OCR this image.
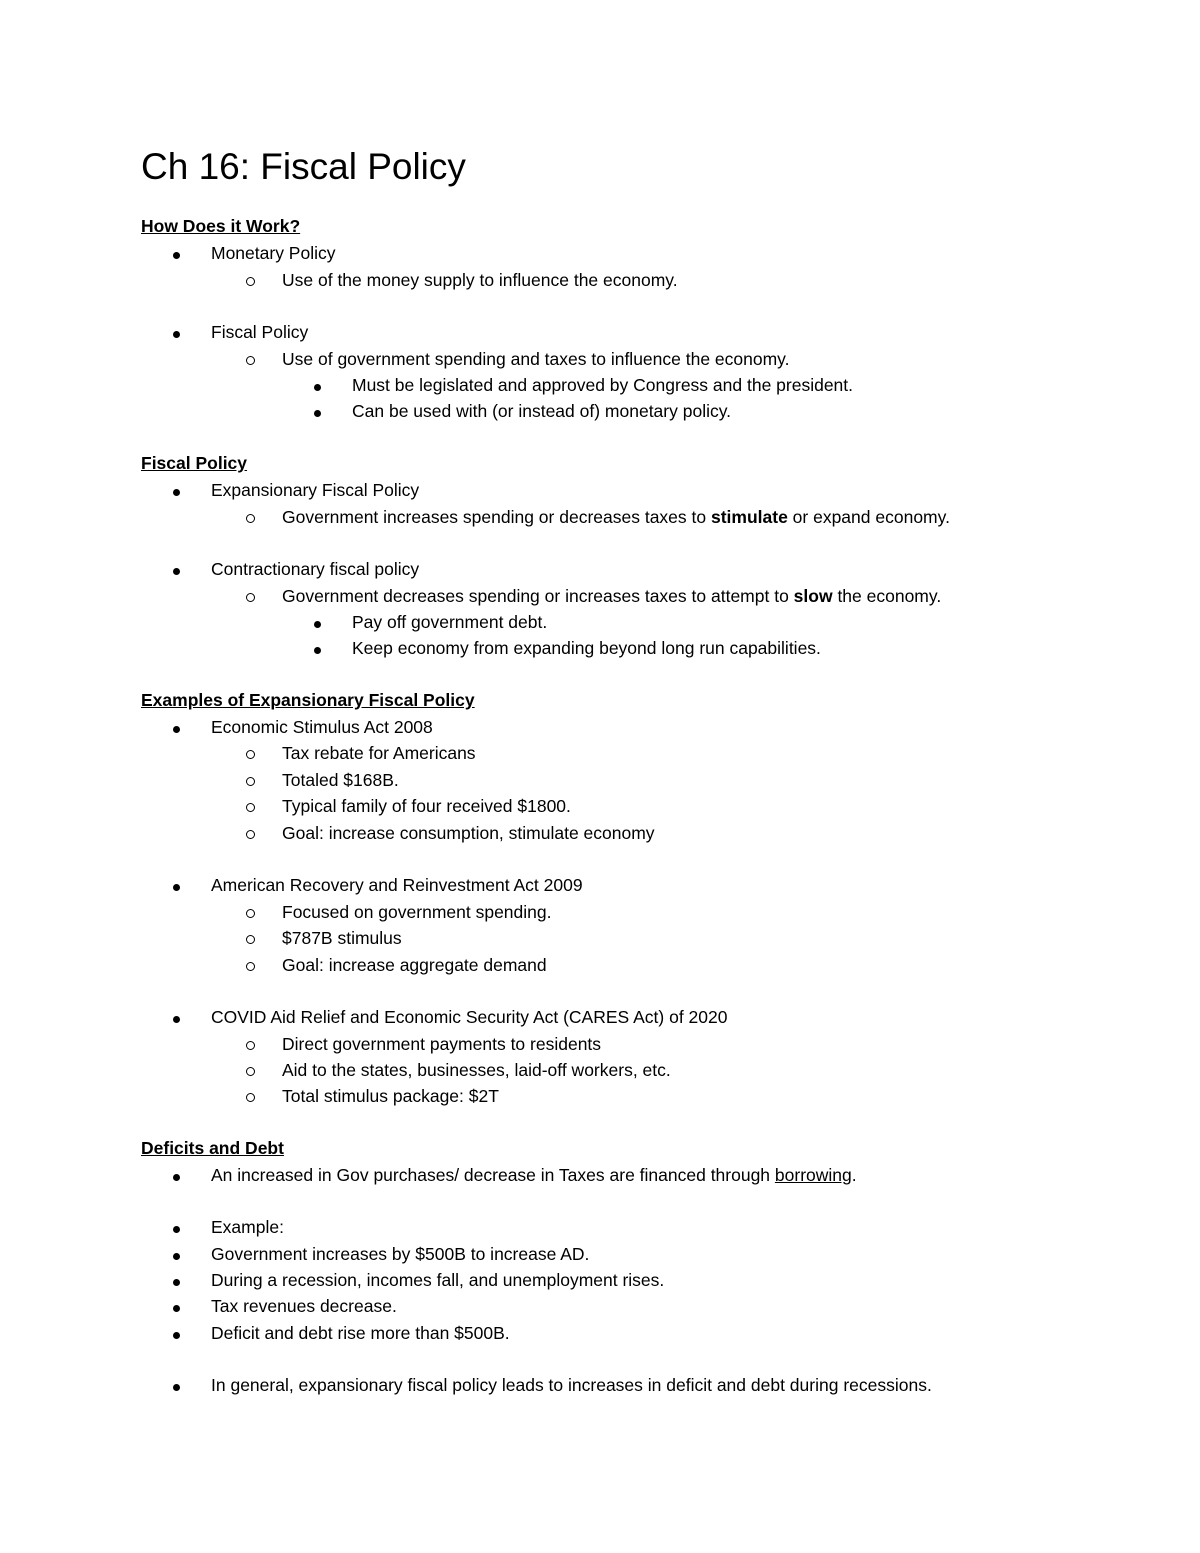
Ch 16: Fiscal Policy
How Does it Work?
Monetary Policy
Use of the money supply to influence the economy.
Fiscal Policy
Use of government spending and taxes to influence the economy.
Must be legislated and approved by Congress and the president.
Can be used with (or instead of) monetary policy.
Fiscal Policy
Expansionary Fiscal Policy
Government increases spending or decreases taxes to stimulate or expand economy.
Contractionary fiscal policy
Government decreases spending or increases taxes to attempt to slow the economy.
Pay off government debt.
Keep economy from expanding beyond long run capabilities.
Examples of Expansionary Fiscal Policy
Economic Stimulus Act 2008
Tax rebate for Americans
Totaled $168B.
Typical family of four received $1800.
Goal: increase consumption, stimulate economy
American Recovery and Reinvestment Act 2009
Focused on government spending.
$787B stimulus
Goal: increase aggregate demand
COVID Aid Relief and Economic Security Act (CARES Act) of 2020
Direct government payments to residents
Aid to the states, businesses, laid-off workers, etc.
Total stimulus package: $2T
Deficits and Debt
An increased in Gov purchases/ decrease in Taxes are financed through borrowing.
Example:
Government increases by $500B to increase AD.
During a recession, incomes fall, and unemployment rises.
Tax revenues decrease.
Deficit and debt rise more than $500B.
In general, expansionary fiscal policy leads to increases in deficit and debt during recessions.
